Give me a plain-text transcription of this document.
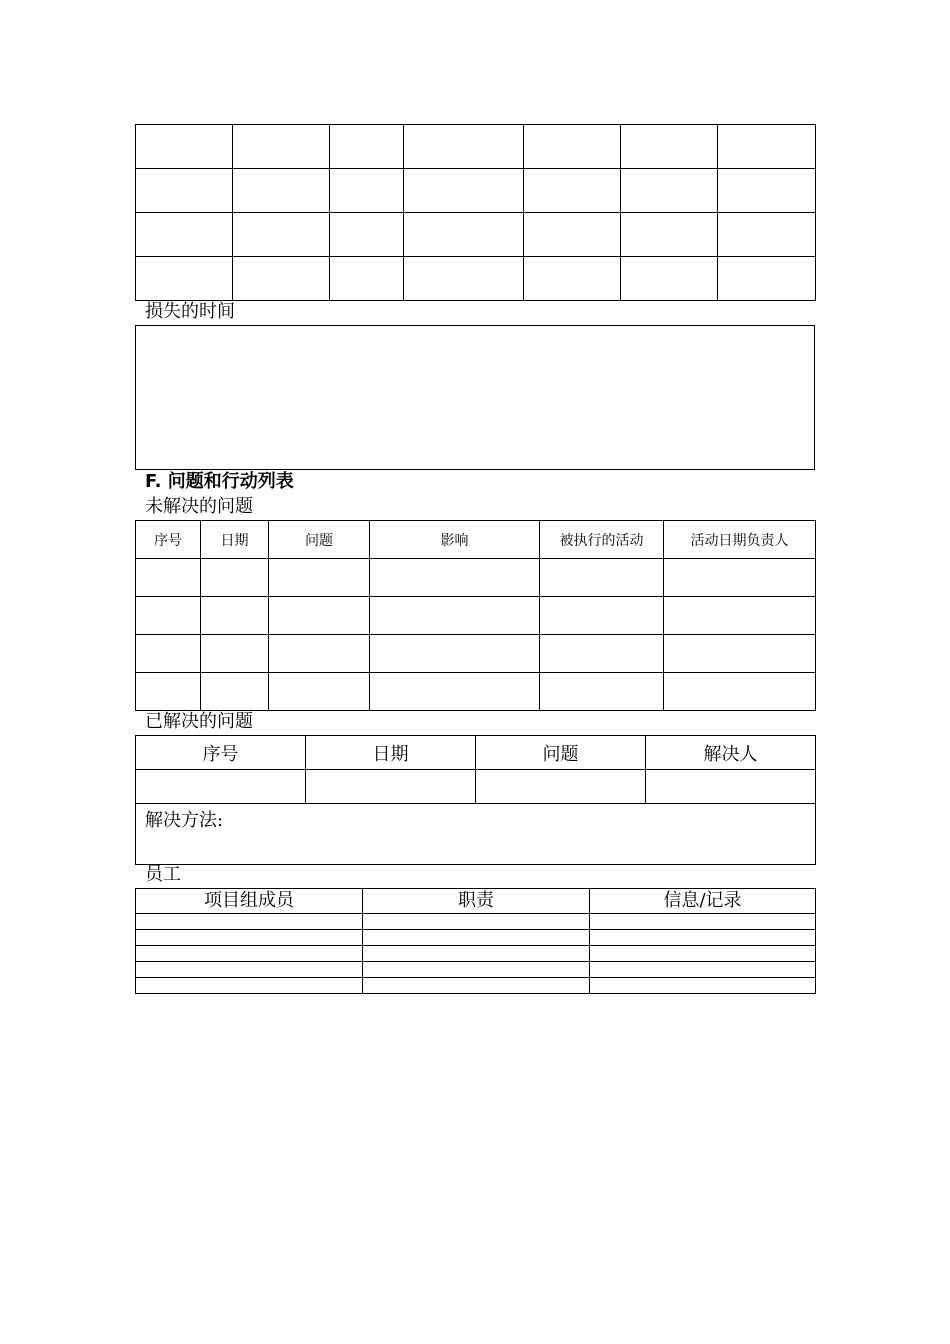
损失的时间
F. 问题和行动列表
未解决的问题
序号	日期	问题	影响	被执行的活动	活动日期负责人

已解决的问题
序号	日期	问题	解决人

解决方法:			
员工
项目组成员	职责	信息/记录
